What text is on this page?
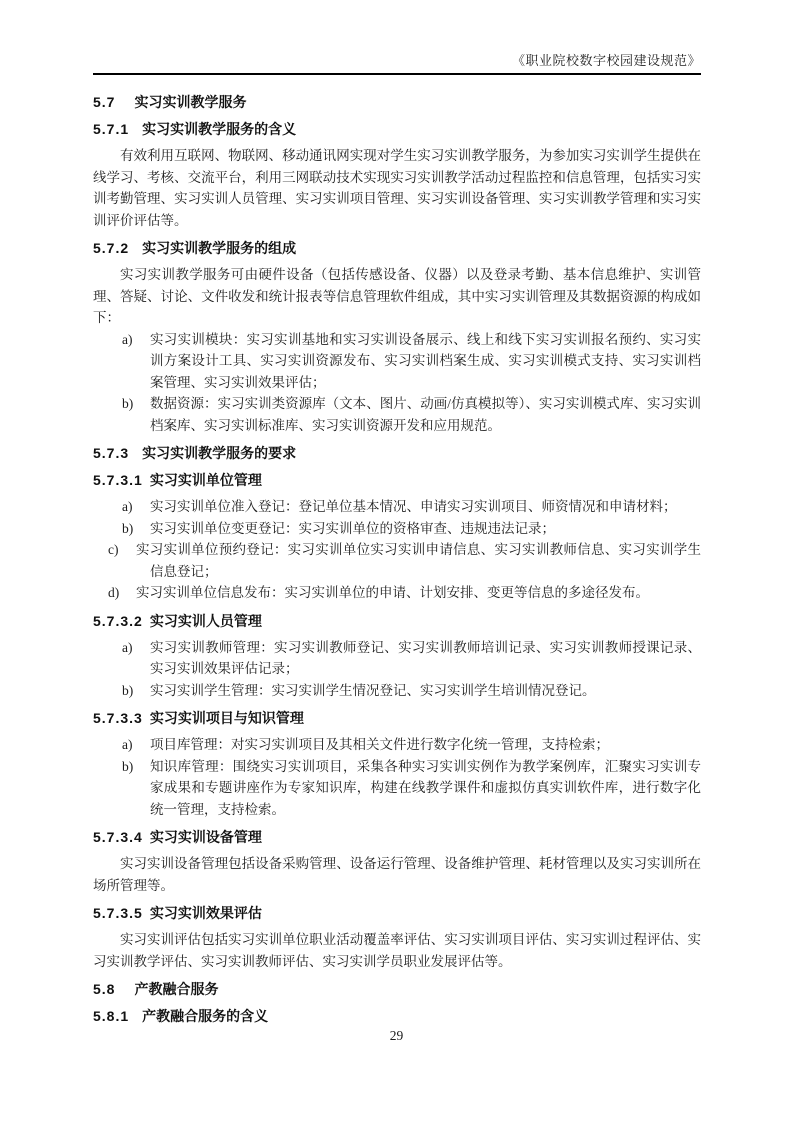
《职业院校数字校园建设规范》
5.7 实习实训教学服务
5.7.1 实习实训教学服务的含义

有效利用互联网、物联网、移动通讯网实现对学生实习实训教学服务，为参加实习实训学生提供在线学习、考核、交流平台，利用三网联动技术实现实习实训教学活动过程监控和信息管理，包括实习实训考勤管理、实习实训人员管理、实习实训项目管理、实习实训设备管理、实习实训教学管理和实习实训评价评估等。

5.7.2 实习实训教学服务的组成

实习实训教学服务可由硬件设备（包括传感设备、仪器）以及登录考勤、基本信息维护、实训管理、答疑、讨论、文件收发和统计报表等信息管理软件组成，其中实习实训管理及其数据资源的构成如下：

a) 实习实训模块：实习实训基地和实习实训设备展示、线上和线下实习实训报名预约、实习实训方案设计工具、实习实训资源发布、实习实训档案生成、实习实训模式支持、实习实训档案管理、实习实训效果评估；
b) 数据资源：实习实训类资源库（文本、图片、动画/仿真模拟等）、实习实训模式库、实习实训档案库、实习实训标准库、实习实训资源开发和应用规范。
5.7.3 实习实训教学服务的要求
5.7.3.1 实习实训单位管理
a) 实习实训单位准入登记：登记单位基本情况、申请实习实训项目、师资情况和申请材料；
b) 实习实训单位变更登记：实习实训单位的资格审查、违规违法记录；
c) 实习实训单位预约登记：实习实训单位实习实训申请信息、实习实训教师信息、实习实训学生信息登记；
d) 实习实训单位信息发布：实习实训单位的申请、计划安排、变更等信息的多途径发布。
5.7.3.2 实习实训人员管理
a) 实习实训教师管理：实习实训教师登记、实习实训教师培训记录、实习实训教师授课记录、实习实训效果评估记录；
b) 实习实训学生管理：实习实训学生情况登记、实习实训学生培训情况登记。
5.7.3.3 实习实训项目与知识管理
a) 项目库管理：对实习实训项目及其相关文件进行数字化统一管理，支持检索；
b) 知识库管理：围绕实习实训项目，采集各种实习实训实例作为教学案例库，汇聚实习实训专家成果和专题讲座作为专家知识库，构建在线教学课件和虚拟仿真实训软件库，进行数字化统一管理，支持检索。
5.7.3.4 实习实训设备管理

实习实训设备管理包括设备采购管理、设备运行管理、设备维护管理、耗材管理以及实习实训所在场所管理等。

5.7.3.5 实习实训效果评估

实习实训评估包括实习实训单位职业活动覆盖率评估、实习实训项目评估、实习实训过程评估、实习实训教学评估、实习实训教师评估、实习实训学员职业发展评估等。

5.8 产教融合服务
5.8.1 产教融合服务的含义
29
